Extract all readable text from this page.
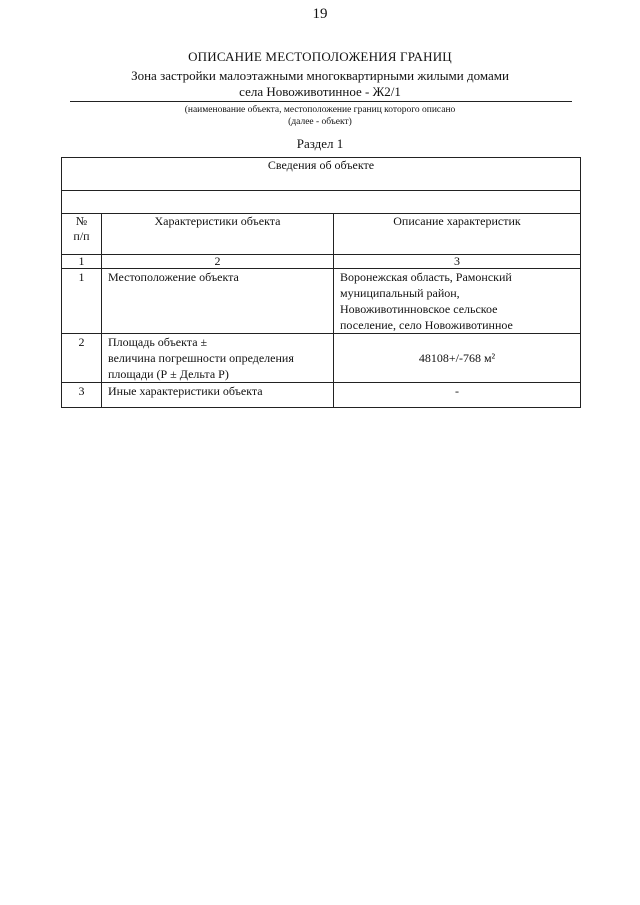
19
ОПИСАНИЕ МЕСТОПОЛОЖЕНИЯ ГРАНИЦ
Зона застройки малоэтажными многоквартирными жилыми домами
села Новоживотинное - Ж2/1
(наименование объекта, местоположение границ которого описано
(далее - объект)
Раздел 1
Сведения об объекте		

№
п/п	Характеристики объекта	Описание характеристик
1	2	3
1	Местоположение объекта	Воронежская область, Рамонский
муниципальный район,
Новоживотинновское сельское
поселение, село Новоживотинное

2	Площадь объекта ±
величина погрешности определения
площади (Р ± Дельта Р)	48108+/-768 м²
3	Иные характеристики объекта	-
